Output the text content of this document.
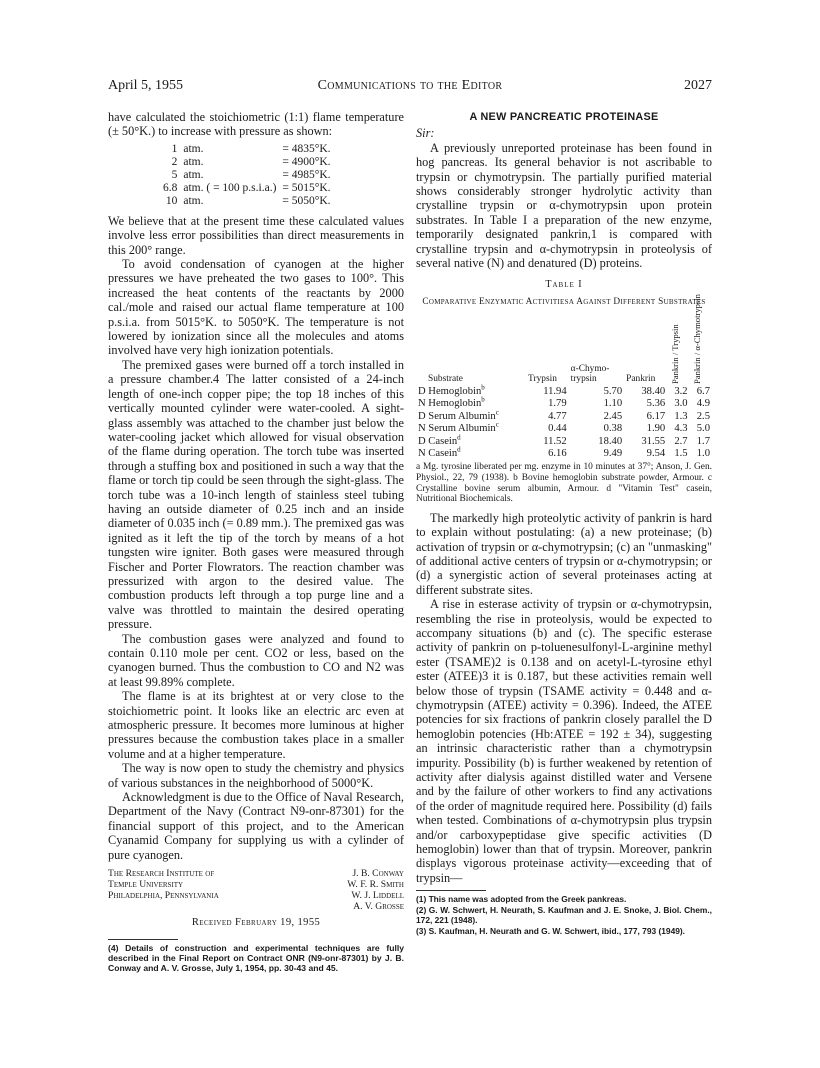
April 5, 1955	Communications to the Editor	2027

have calculated the stoichiometric (1:1) flame temperature (± 50°K.) to increase with pressure as shown:

1	atm.	= 4835°K.
2	atm.	= 4900°K.
5	atm.	= 4985°K.
6.8	atm. ( = 100 p.s.i.a.)	= 5015°K.
10	atm.	= 5050°K.

We believe that at the present time these calculated values involve less error possibilities than direct measurements in this 200° range.

To avoid condensation of cyanogen at the higher pressures we have preheated the two gases to 100°. This increased the heat contents of the reactants by 2000 cal./mole and raised our actual flame temperature at 100 p.s.i.a. from 5015°K. to 5050°K. The temperature is not lowered by ionization since all the molecules and atoms involved have very high ionization potentials.

The premixed gases were burned off a torch installed in a pressure chamber.4 The latter consisted of a 24-inch length of one-inch copper pipe; the top 18 inches of this vertically mounted cylinder were water-cooled. A sight-glass assembly was attached to the chamber just below the water-cooling jacket which allowed for visual observation of the flame during operation. The torch tube was inserted through a stuffing box and positioned in such a way that the flame or torch tip could be seen through the sight-glass. The torch tube was a 10-inch length of stainless steel tubing having an outside diameter of 0.25 inch and an inside diameter of 0.035 inch (= 0.89 mm.). The premixed gas was ignited as it left the tip of the torch by means of a hot tungsten wire igniter. Both gases were measured through Fischer and Porter Flowrators. The reaction chamber was pressurized with argon to the desired value. The combustion products left through a top purge line and a valve was throttled to maintain the desired operating pressure.

The combustion gases were analyzed and found to contain 0.110 mole per cent. CO2 or less, based on the cyanogen burned. Thus the combustion to CO and N2 was at least 99.89% complete.

The flame is at its brightest at or very close to the stoichiometric point. It looks like an electric arc even at atmospheric pressure. It becomes more luminous at higher pressures because the combustion takes place in a smaller volume and at a higher temperature.

The way is now open to study the chemistry and physics of various substances in the neighborhood of 5000°K.

Acknowledgment is due to the Office of Naval Research, Department of the Navy (Contract N9-onr-87301) for the financial support of this project, and to the American Cyanamid Company for supplying us with a cylinder of pure cyanogen.

The Research Institute of	J. B. Conway
Temple University	W. F. R. Smith
Philadelphia, Pennsylvania	W. J. Liddell
	A. V. Grosse
Received February 19, 1955
(4) Details of construction and experimental techniques are fully described in the Final Report on Contract ONR (N9-onr-87301) by J. B. Conway and A. V. Grosse, July 1, 1954, pp. 30-43 and 45.
A NEW PANCREATIC PROTEINASE
Sir:

A previously unreported proteinase has been found in hog pancreas. Its general behavior is not ascribable to trypsin or chymotrypsin. The partially purified material shows considerably stronger hydrolytic activity than crystalline trypsin or α-chymotrypsin upon protein substrates. In Table I a preparation of the new enzyme, temporarily designated pankrin,1 is compared with crystalline trypsin and α-chymotrypsin in proteolysis of several native (N) and denatured (D) proteins.

Table I
Comparative Enzymatic Activitiesa Against Different Substrates
Substrate	Trypsin	α-Chymo-
trypsin	Pankrin	Pankrin / Trypsin	Pankrin / α-Chymotrypsin

D Hemoglobin$^b$	11.94	5.70	38.40	3.2	6.7
N Hemoglobin$^b$	1.79	1.10	5.36	3.0	4.9
D Serum Albumin$^c$	4.77	2.45	6.17	1.3	2.5
N Serum Albumin$^c$	0.44	0.38	1.90	4.3	5.0
D Casein$^d$	11.52	18.40	31.55	2.7	1.7
N Casein$^d$	6.16	9.49	9.54	1.5	1.0
a Mg. tyrosine liberated per mg. enzyme in 10 minutes at 37°; Anson, J. Gen. Physiol., 22, 79 (1938). b Bovine hemoglobin substrate powder, Armour. c Crystalline bovine serum albumin, Armour. d "Vitamin Test" casein, Nutritional Biochemicals.

The markedly high proteolytic activity of pankrin is hard to explain without postulating: (a) a new proteinase; (b) activation of trypsin or α-chymotrypsin; (c) an "unmasking" of additional active centers of trypsin or α-chymotrypsin; or (d) a synergistic action of several proteinases acting at different substrate sites.

A rise in esterase activity of trypsin or α-chymotrypsin, resembling the rise in proteolysis, would be expected to accompany situations (b) and (c). The specific esterase activity of pankrin on p-toluenesulfonyl-L-arginine methyl ester (TSAME)2 is 0.138 and on acetyl-L-tyrosine ethyl ester (ATEE)3 it is 0.187, but these activities remain well below those of trypsin (TSAME activity = 0.448 and α-chymotrypsin (ATEE) activity = 0.396). Indeed, the ATEE potencies for six fractions of pankrin closely parallel the D hemoglobin potencies (Hb:ATEE = 192 ± 34), suggesting an intrinsic characteristic rather than a chymotrypsin impurity. Possibility (b) is further weakened by retention of activity after dialysis against distilled water and Versene and by the failure of other workers to find any activations of the order of magnitude required here. Possibility (d) fails when tested. Combinations of α-chymotrypsin plus trypsin and/or carboxypeptidase give specific activities (D hemoglobin) lower than that of trypsin. Moreover, pankrin displays vigorous proteinase activity—exceeding that of trypsin—

(1) This name was adopted from the Greek pankreas.
(2) G. W. Schwert, H. Neurath, S. Kaufman and J. E. Snoke, J. Biol. Chem., 172, 221 (1948).
(3) S. Kaufman, H. Neurath and G. W. Schwert, ibid., 177, 793 (1949).
